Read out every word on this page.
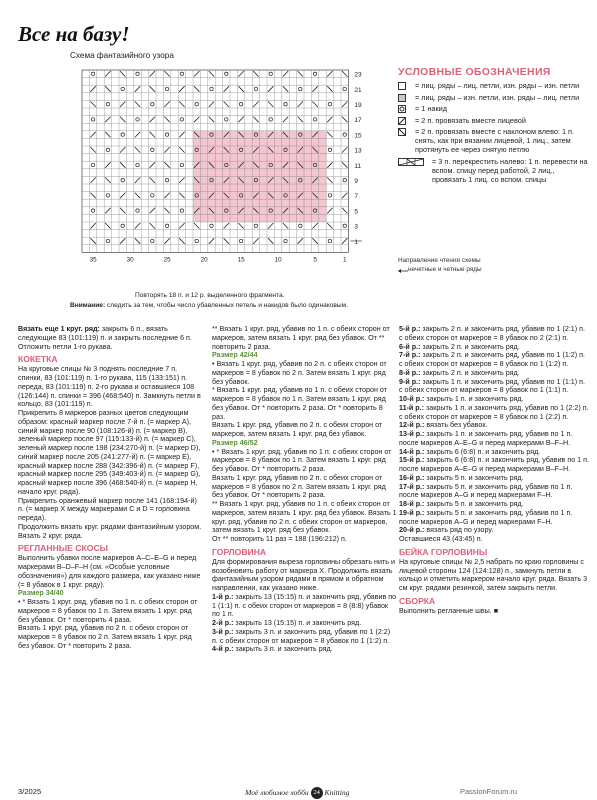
Все на базу!
Схема фантазийного узора
23
21
19
17
15
13
11
9
7
5
3
1
35	30	25	20	15	10	5	1
Повторять 18 п. и 12 р. выделенного фрагмента.
Внимание: следить за тем, чтобы число убавленных петель и накидов было одинаковым.
УСЛОВНЫЕ ОБОЗНАЧЕНИЯ
= лиц. ряды – лиц. петли, изн. ряды – изн. петли
= лиц. ряды – изн. петли, изн. ряды – лиц. петли
= 1 накид
= 2 п. провязать вместе лицевой
= 2 п. провязать вместе с наклоном влево: 1 п. снять, как при вязании лицевой, 1 лиц., затем протянуть ее через снятую петлю
= 3 п. перекрестить налево: 1 п. перевести на вспом. спицу перед работой, 2 лиц., провязать 1 лиц. со вспом. спицы
Направление чтения схемы
нечетные и четные ряды

Вязать еще 1 круг. ряд: закрыть 6 п., вязать следующие 83 (101:119) п. и закрыть последние 6 п. Отложить петли 1-го рукава.

КОКЕТКА

На круговые спицы № 3 поднять последние 7 п. спинки, 83 (101:119) п. 1-го рукава, 115 (133:151) п. переда, 83 (101:119) п. 2-го рукава и оставшиеся 108 (126:144) п. спинки = 396 (468:540) п. Замкнуть петли в кольцо, 83 (101:119) п.

Прикрепить 8 маркеров разных цветов следующим образом: красный маркер после 7-й п. (= маркер А), синий маркер после 90 (108:126-й) п. (= маркер В), зеленый маркер после 97 (115:133-й) п. (= маркер С), зеленый маркер после 198 (234:270-й) п. (= маркер D), синий маркер после 205 (241:277-й) п. (= маркер Е), красный маркер после 288 (342:396-й) п. (= маркер F), красный маркер после 295 (349:403-й) п. (= маркер G), красный маркер после 396 (468:540-й) п. (= маркер Н, начало круг. ряда).

Прикрепить оранжевый маркер после 141 (168:194-й) п. (= маркер Х между маркерами С и D = горловина переда).

Продолжить вязать круг. рядами фантазийным узором.

Вязать 2 круг. ряда.

РЕГЛАННЫЕ СКОСЫ

Выполнить убавки после маркеров А–С–Е–G и перед маркерами В–D–F–H (см. «Особые условные обозначения») для каждого размера, как указано ниже (= 8 убавок в 1 круг. ряду).

Размер 34/40

• * Вязать 1 круг. ряд, убавив по 1 п. с обеих сторон от маркеров = 8 убавок по 1 п. Затем вязать 1 круг. ряд без убавок. От * повторить 4 раза.

Вязать 1 круг. ряд, убавив по 2 п. с обеих сторон от маркеров = 8 убавок по 2 п. Затем вязать 1 круг. ряд без убавок. От * повторить 2 раза.

** Вязать 1 круг. ряд, убавив по 1 п. с обеих сторон от маркеров, затем вязать 1 круг. ряд без убавок. От ** повторить 2 раза.

Размер 42/44

• Вязать 1 круг. ряд, убавив по 2 п. с обеих сторон от маркеров = 8 убавок по 2 п. Затем вязать 1 круг. ряд без убавок.

* Вязать 1 круг. ряд, убавив по 1 п. с обеих сторон от маркеров = 8 убавок по 1 п. Затем вязать 1 круг. ряд без убавок. От * повторить 2 раза. От * повторить 8 раз.

Вязать 1 круг. ряд, убавив по 2 п. с обеих сторон от маркеров, затем вязать 1 круг. ряд без убавок.

Размер 46/52

• * Вязать 1 круг. ряд, убавив по 1 п. с обеих сторон от маркеров = 8 убавок по 1 п. Затем вязать 1 круг. ряд без убавок. От * повторить 2 раза.

Вязать 1 круг. ряд, убавив по 2 п. с обеих сторон от маркеров = 8 убавок по 2 п. Затем вязать 1 круг. ряд без убавок. От * повторить 2 раза.

** Вязать 1 круг. ряд, убавив по 1 п. с обеих сторон от маркеров, затем вязать 1 круг. ряд без убавок. Вязать 1 круг. ряд, убавив по 2 п. с обеих сторон от маркеров, затем вязать 1 круг. ряд без убавок.

От ** повторить 11 раз = 188 (196:212) п.

ГОРЛОВИНА

Для формирования выреза горловины обрезать нить и возобновить работу от маркера Х. Продолжить вязать фантазийным узором рядами в прямом и обратном направлении, как указано ниже.

1-й р.: закрыть 13 (15:15) п. и закончить ряд, убавив по 1 (1:1) п. с обеих сторон от маркеров = 8 (8:8) убавок по 1 п.

2-й р.: закрыть 13 (15:15) п. и закончить ряд.

3-й р.: закрыть 3 п. и закончить ряд, убавив по 1 (2:2) п. с обеих сторон от маркеров = 8 убавок по 1 (1:2) п.

4-й р.: закрыть 3 п. и закончить ряд.

5-й р.: закрыть 2 п. и закончить ряд, убавив по 1 (2:1) п. с обеих сторон от маркеров = 8 убавок по 2 (2:1) п.

6-й р.: закрыть 2 п. и закончить ряд.

7-й р.: закрыть 2 п. и закончить ряд, убавив по 1 (1:2) п. с обеих сторон от маркеров = 8 убавок по 1 (1:2) п.

8-й р.: закрыть 2 п. и закончить ряд.

9-й р.: закрыть 1 п. и закончить ряд, убавив по 1 (1:1) п. с обеих сторон от маркеров = 8 убавок по 1 (1:1) п.

10-й р.: закрыть 1 п. и закончить ряд.

11-й р.: закрыть 1 п. и закончить ряд, убавив по 1 (2:2) п. с обеих сторон от маркеров = 8 убавок по 1 (2:2) п.

12-й р.: вязать без убавок.

13-й р.: закрыть 1 п. и закончить ряд, убавив по 1 п. после маркеров А–Е–G и перед маркерами В–F–H.

14-й р.: закрыть 6 (6:8) п. и закончить ряд.

15-й р.: закрыть 6 (6:8) п. и закончить ряд, убавив по 1 п. после маркеров А–Е–G и перед маркерами В–F–H.

16-й р.: закрыть 5 п. и закончить ряд.

17-й р.: закрыть 5 п. и закончить ряд, убавив по 1 п. после маркеров А–G и перед маркерами F–H.

18-й р.: закрыть 5 п. и закончить ряд.

19-й р.: закрыть 5 п. и закончить ряд, убавив по 1 п. после маркеров А–G и перед маркерами F–H.

20-й р.: вязать ряд по узору.

Оставшиеся 43 (43:45) п.

БЕЙКА ГОРЛОВИНЫ

На круговые спицы № 2,5 набрать по краю горловины с лицевой стороны 124 (124:128) п., замкнуть петли в кольцо и отметить маркером начало круг. ряда. Вязать 3 см круг. рядами резинкой, затем закрыть петли.

СБОРКА

Выполнить регланные швы. ■

3/2025	Моё любимое хобби 24 Knitting	PassionForum.ru
